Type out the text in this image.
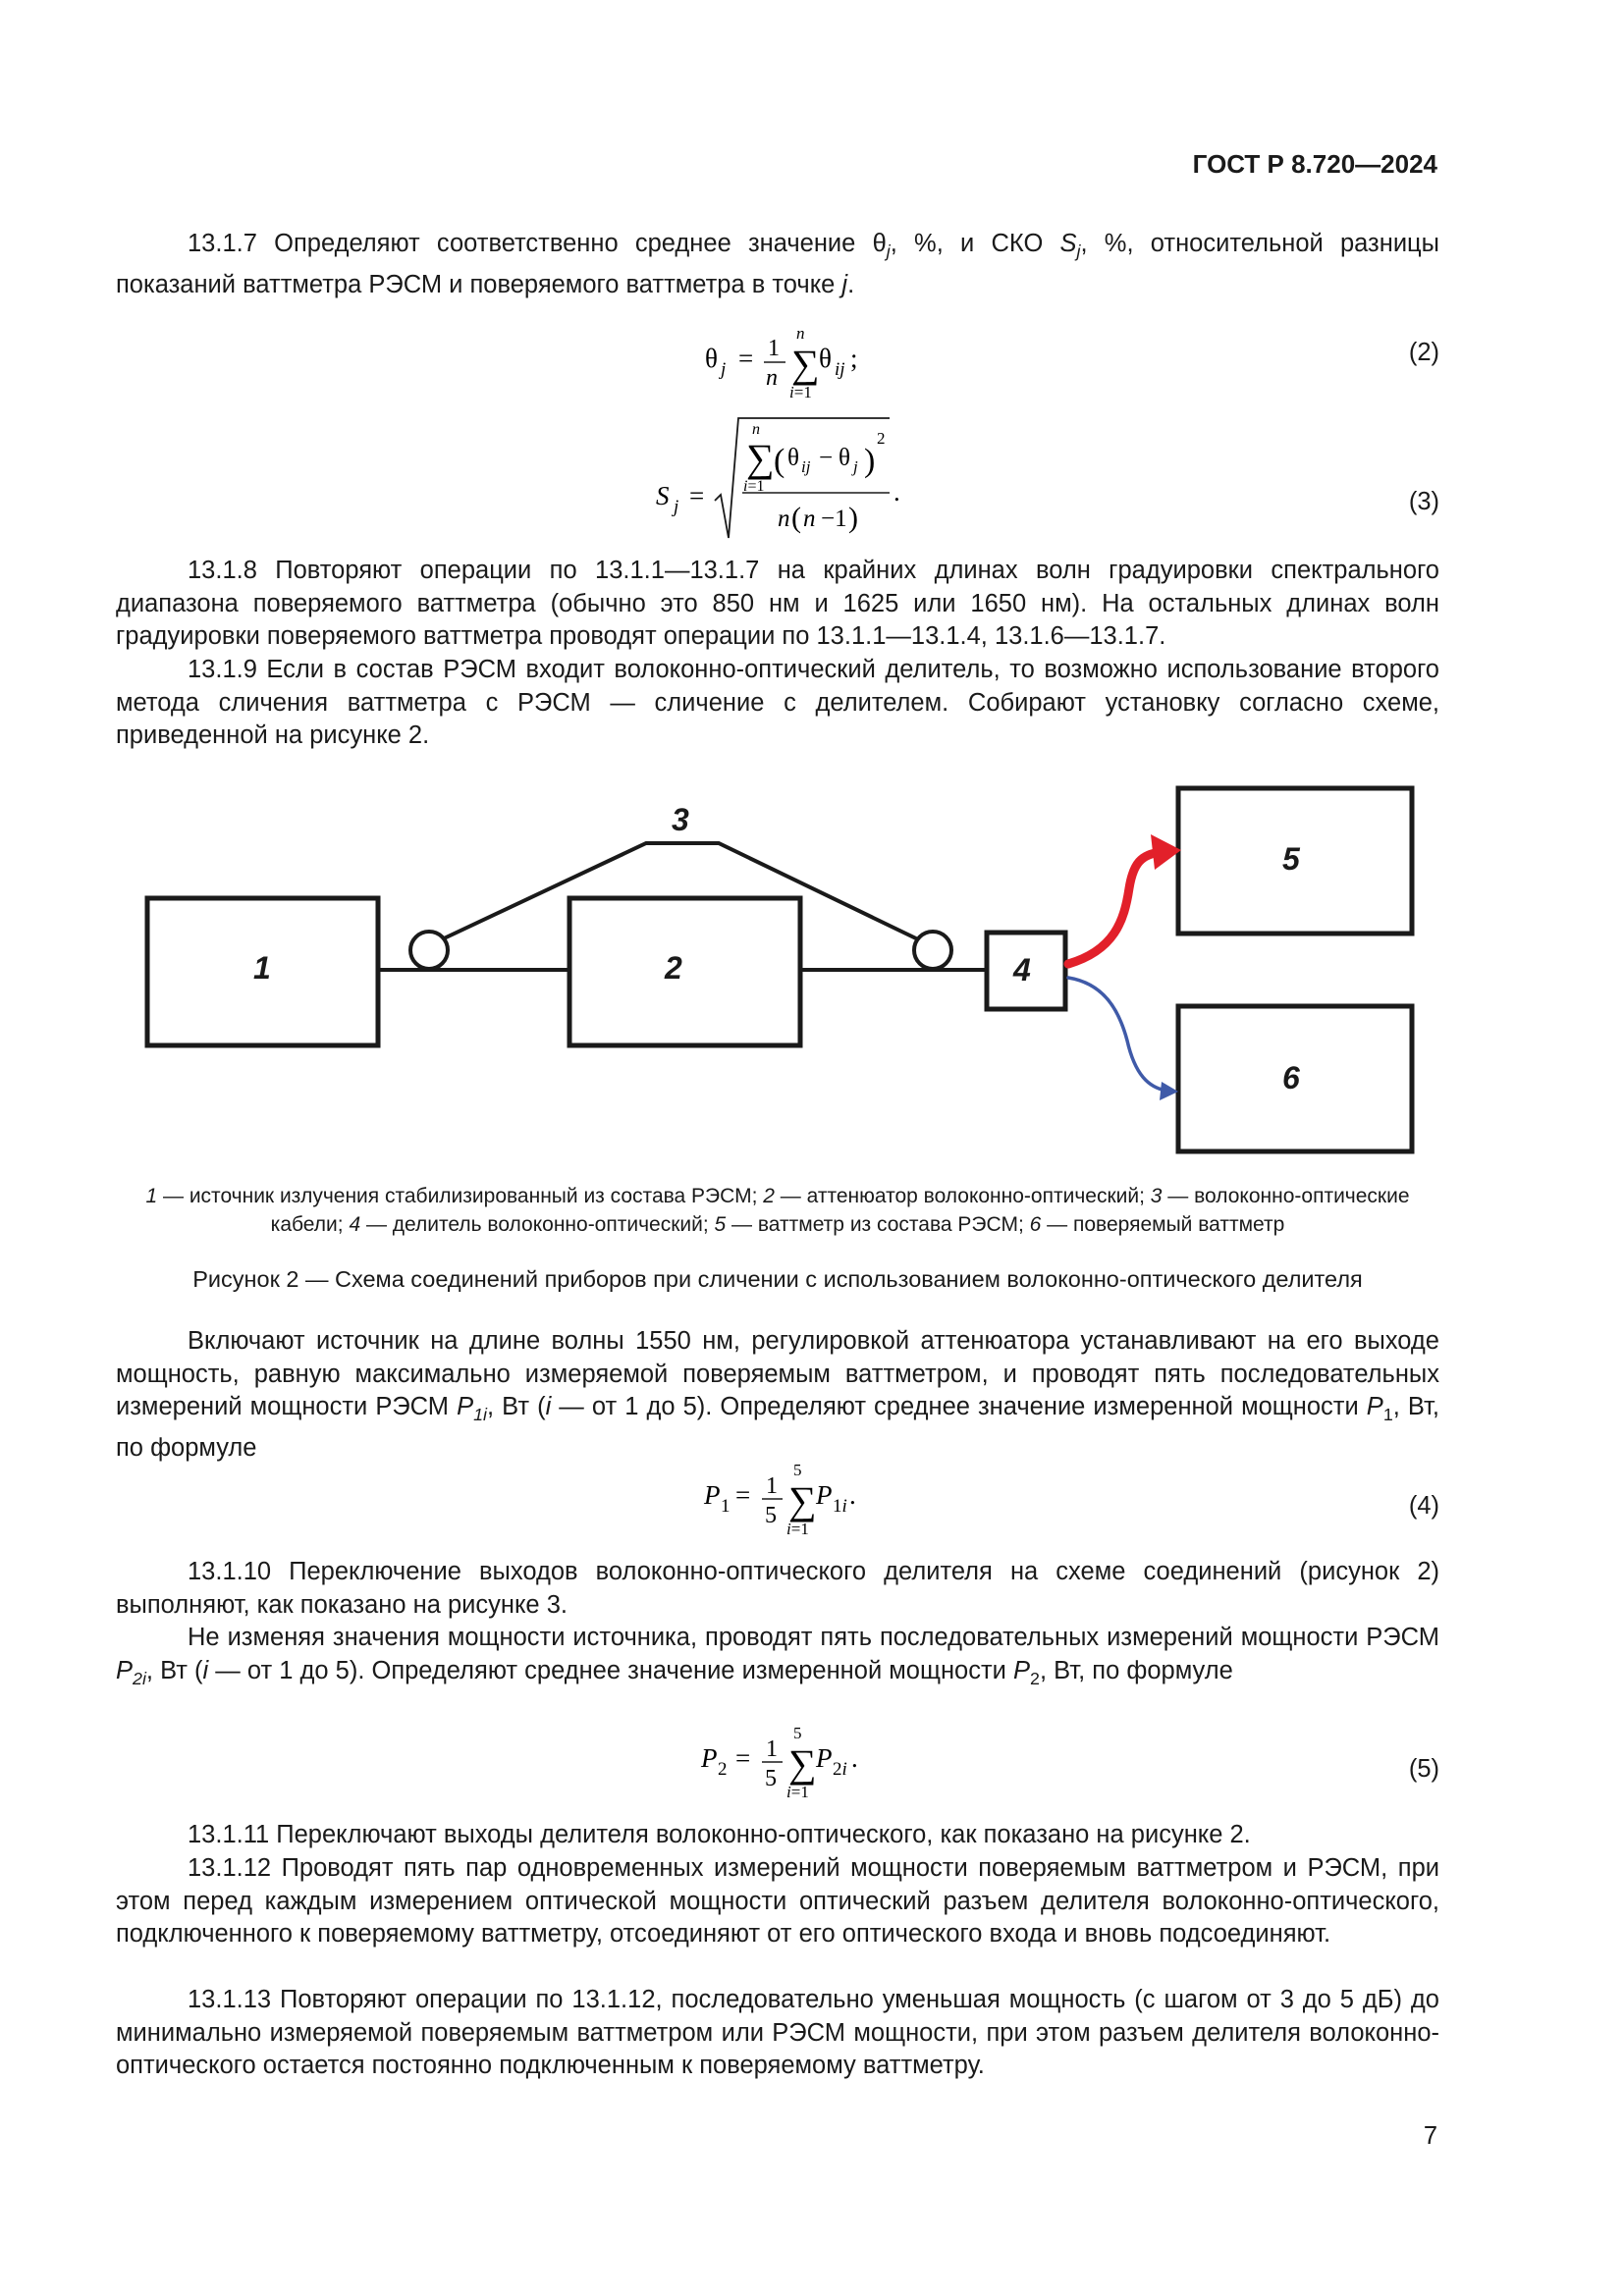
ГОСТ Р 8.720—2024

13.1.7 Определяют соответственно среднее значение $\theta_j$, %, и СКО $S_j$, %, относительной разницы показаний ваттметра РЭСМ и поверяемого ваттметра в точке j.

θ j = 1
n ∑
n
i=1
θ ij ;	(2)
S j =
∑
n
i=1
( θ ij − θ j )
2
n ( n −1 )
.	(3)

13.1.8 Повторяют операции по 13.1.1—13.1.7 на крайних длинах волн градуировки спектрального диапазона поверяемого ваттметра (обычно это 850 нм и 1625 или 1650 нм). На остальных длинах волн градуировки поверяемого ваттметра проводят операции по 13.1.1—13.1.4, 13.1.6—13.1.7.

13.1.9 Если в состав РЭСМ входит волоконно-оптический делитель, то возможно использование второго метода сличения ваттметра с РЭСМ — сличение с делителем. Собирают установку согласно схеме, приведенной на рисунке 2.

1	2
3
4
5
6

1 — источник излучения стабилизированный из состава РЭСМ; 2 — аттенюатор волоконно-оптический; 3 — волоконно-оптические
кабели; 4 — делитель волоконно-оптический; 5 — ваттметр из состава РЭСМ; 6 — поверяемый ваттметр

Рисунок 2 — Схема соединений приборов при сличении с использованием волоконно-оптического делителя

Включают источник на длине волны 1550 нм, регулировкой аттенюатора устанавливают на его выходе мощность, равную максимально измеряемой поверяемым ваттметром, и проводят пять последовательных измерений мощности РЭСМ $P_{1i}$, Вт (i — от 1 до 5). Определяют среднее значение измеренной мощности $P_1$, Вт, по формуле

P 1 = 1
5 ∑
5
i=1
P 1i .	(4)

13.1.10 Переключение выходов волоконно-оптического делителя на схеме соединений (рисунок 2) выполняют, как показано на рисунке 3.

Не изменяя значения мощности источника, проводят пять последовательных измерений мощности РЭСМ $P_{2i}$, Вт (i — от 1 до 5). Определяют среднее значение измеренной мощности $P_2$, Вт, по формуле

P 2 = 1
5 ∑
5
i=1
P 2i .	(5)

13.1.11 Переключают выходы делителя волоконно-оптического, как показано на рисунке 2.

13.1.12 Проводят пять пар одновременных измерений мощности поверяемым ваттметром и РЭСМ, при этом перед каждым измерением оптической мощности оптический разъем делителя волоконно-оптического, подключенного к поверяемому ваттметру, отсоединяют от его оптического входа и вновь подсоединяют.

13.1.13 Повторяют операции по 13.1.12, последовательно уменьшая мощность (с шагом от 3 до 5 дБ) до минимально измеряемой поверяемым ваттметром или РЭСМ мощности, при этом разъем делителя волоконно-оптического остается постоянно подключенным к поверяемому ваттметру.

7
